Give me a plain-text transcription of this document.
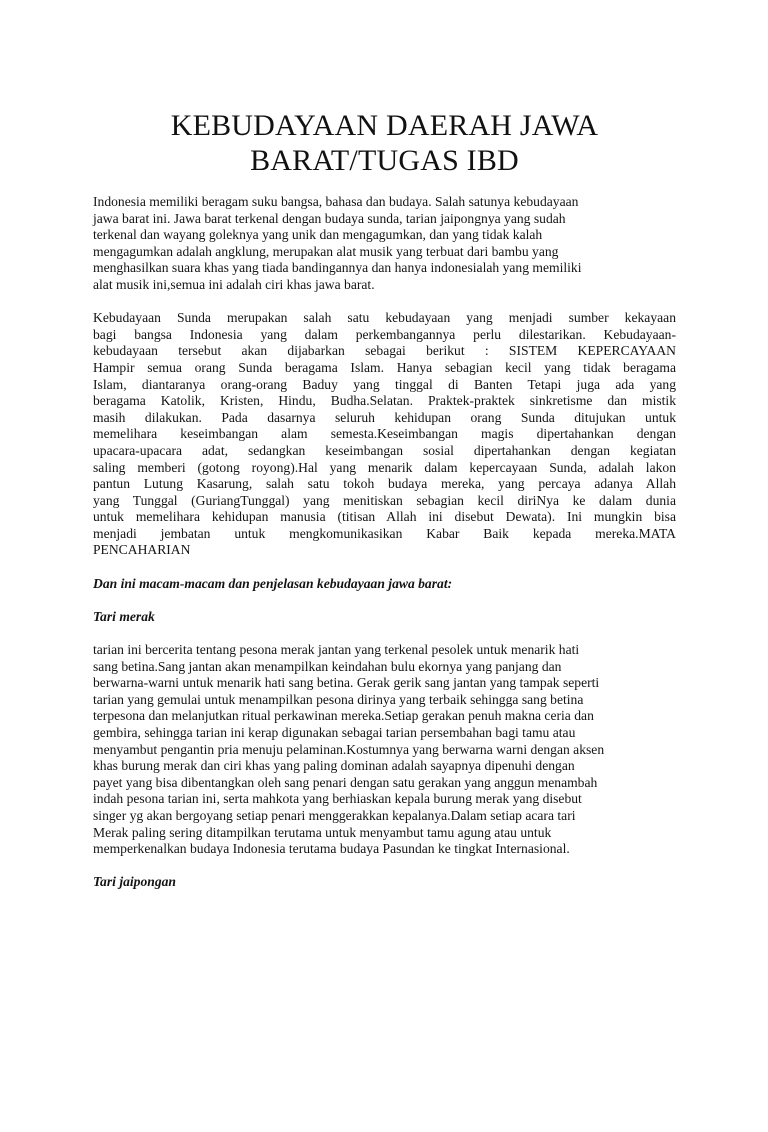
KEBUDAYAAN DAERAH JAWA
BARAT/TUGAS IBD

Indonesia memiliki beragam suku bangsa, bahasa dan budaya. Salah satunya kebudayaan
jawa barat ini. Jawa barat terkenal dengan budaya sunda, tarian jaipongnya yang sudah
terkenal dan wayang goleknya yang unik dan mengagumkan, dan yang tidak kalah
mengagumkan adalah angklung, merupakan alat musik yang terbuat dari bambu yang
menghasilkan suara khas yang tiada bandingannya dan hanya indonesialah yang memiliki
alat musik ini,semua ini adalah ciri khas jawa barat.

Kebudayaan Sunda merupakan salah satu kebudayaan yang menjadi sumber kekayaan
bagi bangsa Indonesia yang dalam perkembangannya perlu dilestarikan. Kebudayaan-
kebudayaan tersebut akan dijabarkan sebagai berikut : SISTEM KEPERCAYAAN
Hampir semua orang Sunda beragama Islam. Hanya sebagian kecil yang tidak beragama
Islam, diantaranya orang-orang Baduy yang tinggal di Banten Tetapi juga ada yang
beragama Katolik, Kristen, Hindu, Budha.Selatan. Praktek-praktek sinkretisme dan mistik
masih dilakukan. Pada dasarnya seluruh kehidupan orang Sunda ditujukan untuk
memelihara keseimbangan alam semesta.Keseimbangan magis dipertahankan dengan
upacara-upacara adat, sedangkan keseimbangan sosial dipertahankan dengan kegiatan
saling memberi (gotong royong).Hal yang menarik dalam kepercayaan Sunda, adalah lakon
pantun Lutung Kasarung, salah satu tokoh budaya mereka, yang percaya adanya Allah
yang Tunggal (GuriangTunggal) yang menitiskan sebagian kecil diriNya ke dalam dunia
untuk memelihara kehidupan manusia (titisan Allah ini disebut Dewata). Ini mungkin bisa
menjadi jembatan untuk mengkomunikasikan Kabar Baik kepada mereka.MATA
PENCAHARIAN

Dan ini macam-macam dan penjelasan kebudayaan jawa barat:
Tari merak

tarian ini bercerita tentang pesona merak jantan yang terkenal pesolek untuk menarik hati
sang betina.Sang jantan akan menampilkan keindahan bulu ekornya yang panjang dan
berwarna-warni untuk menarik hati sang betina. Gerak gerik sang jantan yang tampak seperti
tarian yang gemulai untuk menampilkan pesona dirinya yang terbaik sehingga sang betina
terpesona dan melanjutkan ritual perkawinan mereka.Setiap gerakan penuh makna ceria dan
gembira, sehingga tarian ini kerap digunakan sebagai tarian persembahan bagi tamu atau
menyambut pengantin pria menuju pelaminan.Kostumnya yang berwarna warni dengan aksen
khas burung merak dan ciri khas yang paling dominan adalah sayapnya dipenuhi dengan
payet yang bisa dibentangkan oleh sang penari dengan satu gerakan yang anggun menambah
indah pesona tarian ini, serta mahkota yang berhiaskan kepala burung merak yang disebut
singer yg akan bergoyang setiap penari menggerakkan kepalanya.Dalam setiap acara tari
Merak paling sering ditampilkan terutama untuk menyambut tamu agung atau untuk
memperkenalkan budaya Indonesia terutama budaya Pasundan ke tingkat Internasional.

Tari jaipongan
